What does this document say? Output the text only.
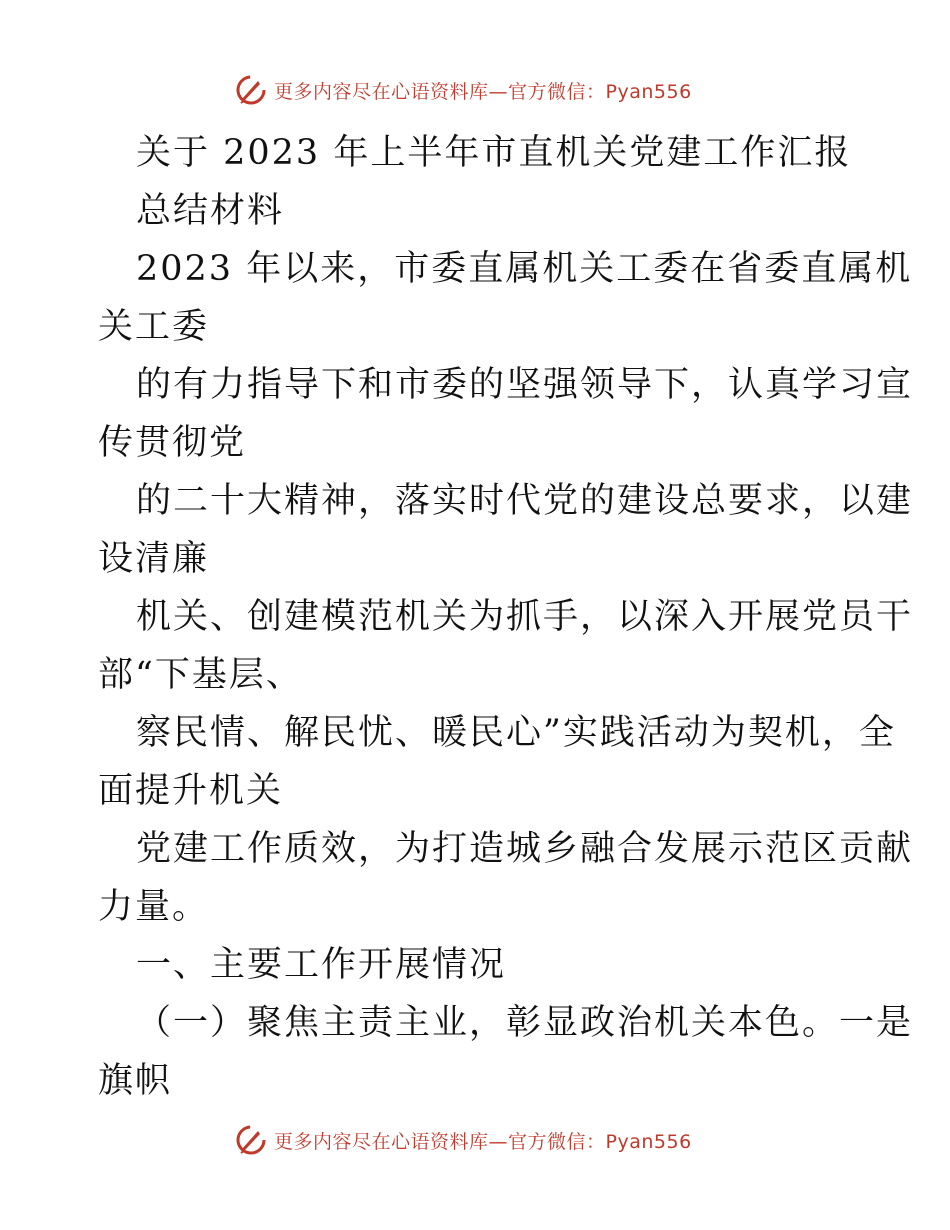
更多内容尽在心语资料库—官方微信：Pyan556
关于 2023 年上半年市直机关党建工作汇报
总结材料
2023 年以来，市委直属机关工委在省委直属机
关工委
的有力指导下和市委的坚强领导下，认真学习宣
传贯彻党
的二十大精神，落实时代党的建设总要求，以建
设清廉
机关、创建模范机关为抓手，以深入开展党员干
部“下基层、
察民情、解民忧、暖民心”实践活动为契机，全
面提升机关
党建工作质效，为打造城乡融合发展示范区贡献
力量。
一、主要工作开展情况
（一）聚焦主责主业，彰显政治机关本色。一是
旗帜
更多内容尽在心语资料库—官方微信：Pyan556
